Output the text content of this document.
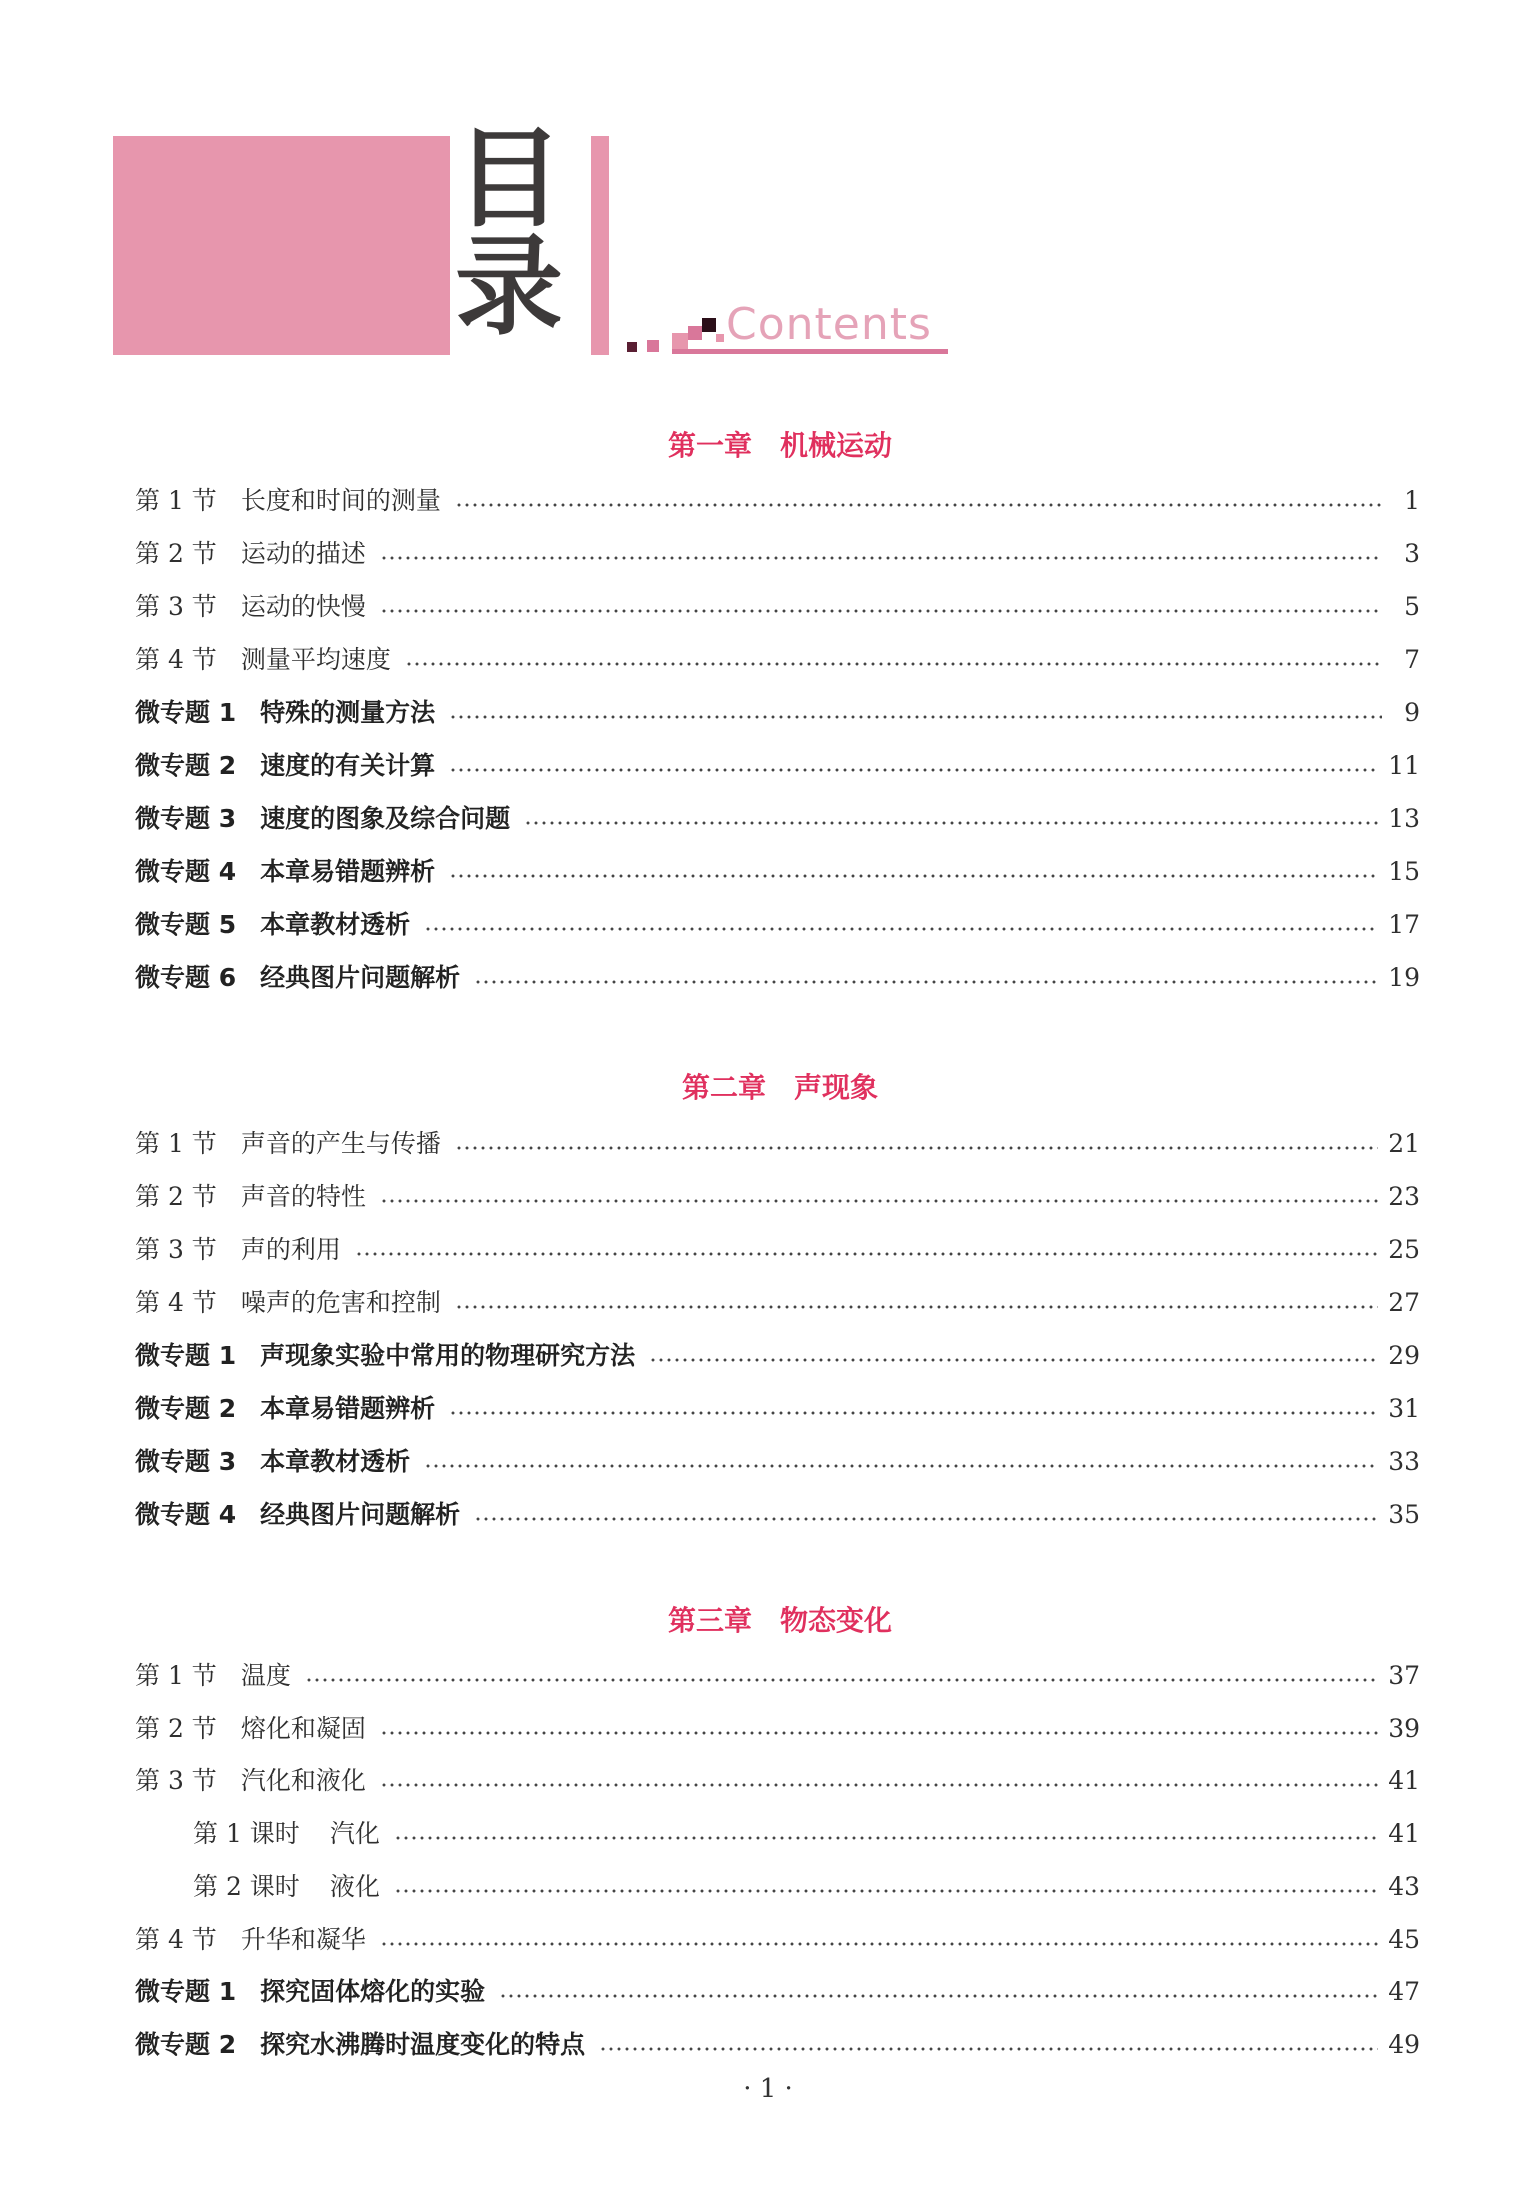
目
录	Contents
第一章　机械运动
第 1 节 长度和时间的测量	1
第 2 节 运动的描述	3
第 3 节 运动的快慢	5
第 4 节 测量平均速度	7
微专题 1 特殊的测量方法	9
微专题 2 速度的有关计算	11
微专题 3 速度的图象及综合问题	13
微专题 4 本章易错题辨析	15
微专题 5 本章教材透析	17
微专题 6 经典图片问题解析	19
第二章　声现象
第 1 节 声音的产生与传播	21
第 2 节 声音的特性	23
第 3 节 声的利用	25
第 4 节 噪声的危害和控制	27
微专题 1 声现象实验中常用的物理研究方法	29
微专题 2 本章易错题辨析	31
微专题 3 本章教材透析	33
微专题 4 经典图片问题解析	35
第三章　物态变化
第 1 节 温度	37
第 2 节 熔化和凝固	39
第 3 节 汽化和液化	41
第 1 课时 汽化	41
第 2 课时 液化	43
第 4 节 升华和凝华	45
微专题 1 探究固体熔化的实验	47
微专题 2 探究水沸腾时温度变化的特点	49
· 1 ·
